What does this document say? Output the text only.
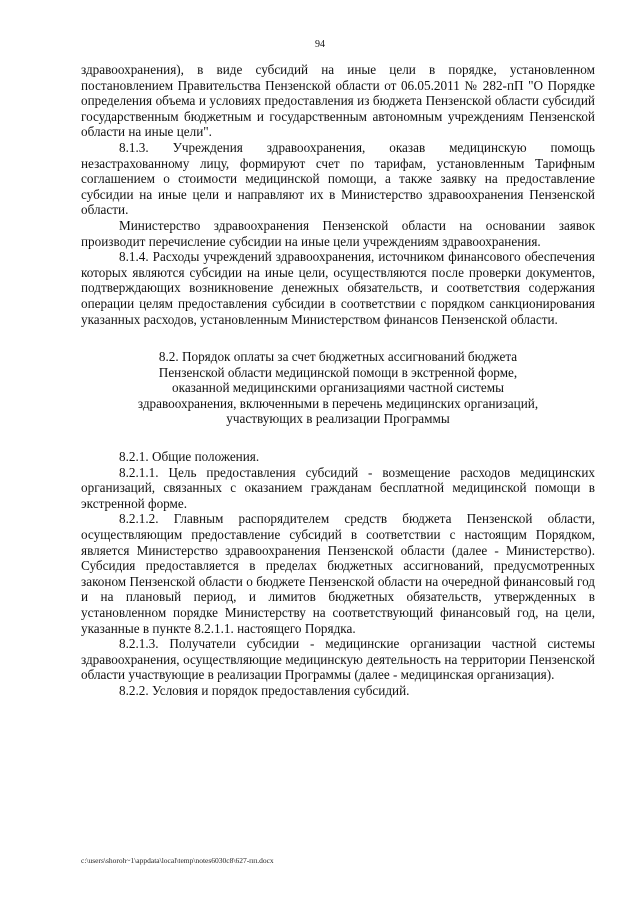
94

здравоохранения), в виде субсидий на иные цели в порядке, установленном постановлением Правительства Пензенской области от 06.05.2011 № 282-пП "О Порядке определения объема и условиях предоставления из бюджета Пензенской области субсидий государственным бюджетным и государственным автономным учреждениям Пензенской области на иные цели".

8.1.3. Учреждения здравоохранения, оказав медицинскую помощь незастрахованному лицу, формируют счет по тарифам, установленным Тарифным соглашением о стоимости медицинской помощи, а также заявку на предоставление субсидии на иные цели и направляют их в Министерство здравоохранения Пензенской области.

Министерство здравоохранения Пензенской области на основании заявок производит перечисление субсидии на иные цели учреждениям здравоохранения.

8.1.4. Расходы учреждений здравоохранения, источником финансового обеспечения которых являются субсидии на иные цели, осуществляются после проверки документов, подтверждающих возникновение денежных обязательств, и соответствия содержания операции целям предоставления субсидии в соответствии с порядком санкционирования указанных расходов, установленным Министерством финансов Пензенской области.

8.2. Порядок оплаты за счет бюджетных ассигнований бюджета Пензенской области медицинской помощи в экстренной форме, оказанной медицинскими организациями частной системы здравоохранения, включенными в перечень медицинских организаций, участвующих в реализации Программы

8.2.1. Общие положения.

8.2.1.1. Цель предоставления субсидий - возмещение расходов медицинских организаций, связанных с оказанием гражданам бесплатной медицинской помощи в экстренной форме.

8.2.1.2. Главным распорядителем средств бюджета Пензенской области, осуществляющим предоставление субсидий в соответствии с настоящим Порядком, является Министерство здравоохранения Пензенской области (далее - Министерство). Субсидия предоставляется в пределах бюджетных ассигнований, предусмотренных законом Пензенской области о бюджете Пензенской области на очередной финансовый год и на плановый период, и лимитов бюджетных обязательств, утвержденных в установленном порядке Министерству на соответствующий финансовый год, на цели, указанные в пункте 8.2.1.1. настоящего Порядка.

8.2.1.3. Получатели субсидии - медицинские организации частной системы здравоохранения, осуществляющие медицинскую деятельность на территории Пензенской области участвующие в реализации Программы (далее - медицинская организация).

8.2.2. Условия и порядок предоставления субсидий.

c:\users\shoroh~1\appdata\local\temp\notes6030c8\627-пп.docx
